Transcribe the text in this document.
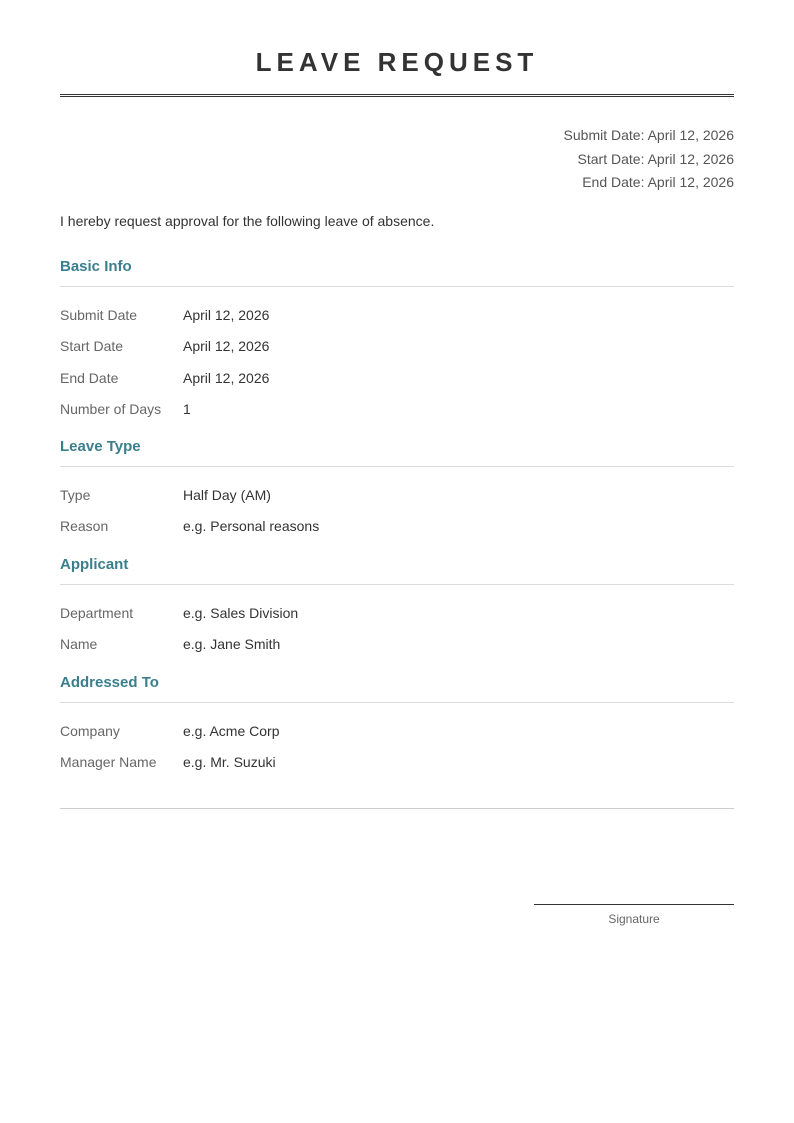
LEAVE REQUEST
Submit Date: April 12, 2026
Start Date: April 12, 2026
End Date: April 12, 2026
I hereby request approval for the following leave of absence.
Basic Info
Submit Date	April 12, 2026
Start Date	April 12, 2026
End Date	April 12, 2026
Number of Days	1
Leave Type
Type	Half Day (AM)
Reason	e.g. Personal reasons
Applicant
Department	e.g. Sales Division
Name	e.g. Jane Smith
Addressed To
Company	e.g. Acme Corp
Manager Name	e.g. Mr. Suzuki
Signature
